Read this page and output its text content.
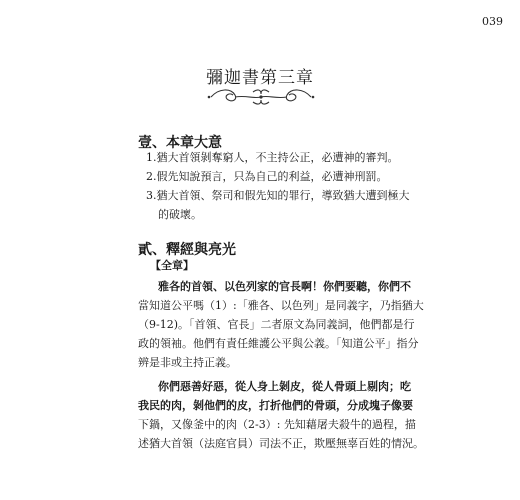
039
彌迦書第三章
壹、本章大意
1.猶大首領剝奪窮人，不主持公正，必遭神的審判。
2.假先知說預言，只為自己的利益，必遭神刑罰。
3.猶大首領、祭司和假先知的罪行，導致猶大遭到極大
的破壞。
貳、釋經與亮光
【全章】
雅各的首領、以色列家的官長啊！你們要聽，你們不
當知道公平嗎（1）:「雅各、以色列」是同義字，乃指猶大
（9-12)。「首領、官長」二者原文為同義詞，他們都是行
政的領袖。他們有責任維護公平與公義。「知道公平」指分
辨是非或主持正義。
你們惡善好惡，從人身上剝皮，從人骨頭上剔肉；吃
我民的肉，剝他們的皮，打折他們的骨頭，分成塊子像要
下鍋，又像釜中的肉（2-3）: 先知藉屠夫殺牛的過程，描
述猶大首領（法庭官員）司法不正，欺壓無辜百姓的情況。
